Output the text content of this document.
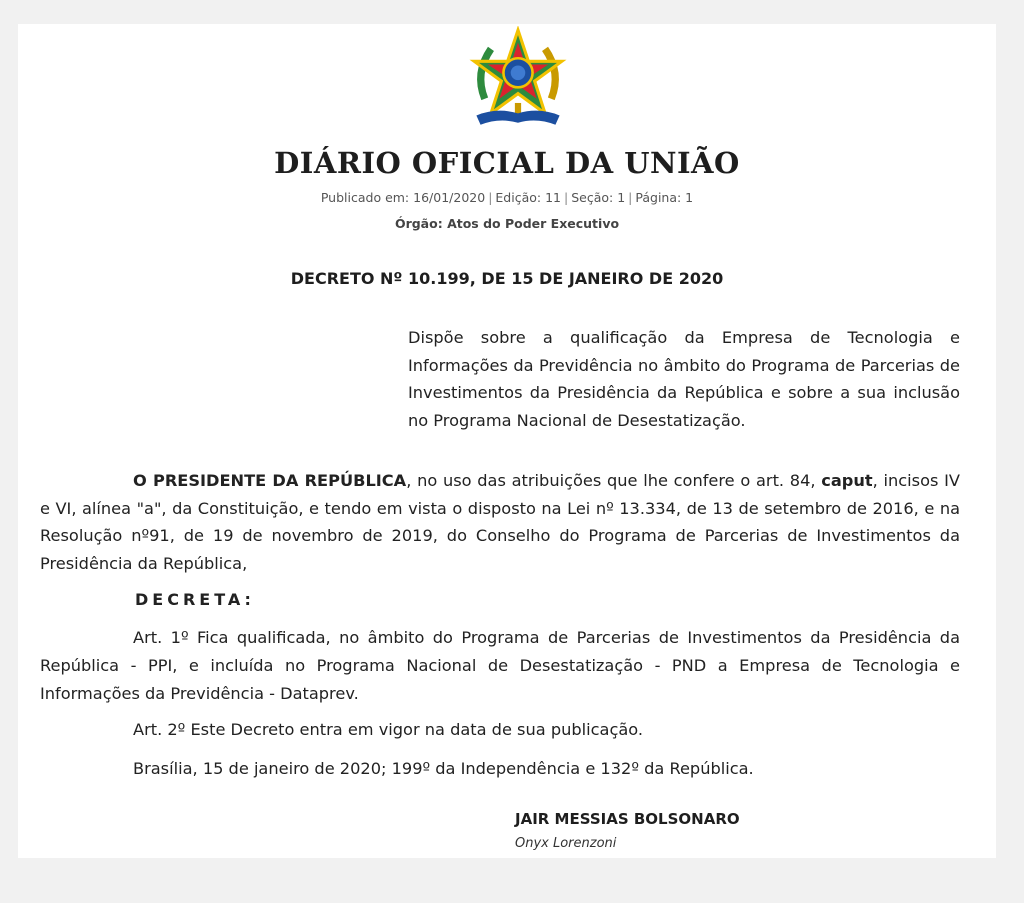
DIÁRIO OFICIAL DA UNIÃO
Publicado em: 16/01/2020 | Edição: 11 | Seção: 1 | Página: 1
Órgão: Atos do Poder Executivo
DECRETO Nº 10.199, DE 15 DE JANEIRO DE 2020
Dispõe sobre a qualificação da Empresa de Tecnologia e Informações da Previdência no âmbito do Programa de Parcerias de Investimentos da Presidência da República e sobre a sua inclusão no Programa Nacional de Desestatização.
O PRESIDENTE DA REPÚBLICA, no uso das atribuições que lhe confere o art. 84, caput, incisos IV e VI, alínea "a", da Constituição, e tendo em vista o disposto na Lei nº 13.334, de 13 de setembro de 2016, e na Resolução nº91, de 19 de novembro de 2019, do Conselho do Programa de Parcerias de Investimentos da Presidência da República,
DECRETA:
Art. 1º Fica qualificada, no âmbito do Programa de Parcerias de Investimentos da Presidência da República - PPI, e incluída no Programa Nacional de Desestatização - PND a Empresa de Tecnologia e Informações da Previdência - Dataprev.
Art. 2º Este Decreto entra em vigor na data de sua publicação.
Brasília, 15 de janeiro de 2020; 199º da Independência e 132º da República.
JAIR MESSIAS BOLSONARO
Onyx Lorenzoni
